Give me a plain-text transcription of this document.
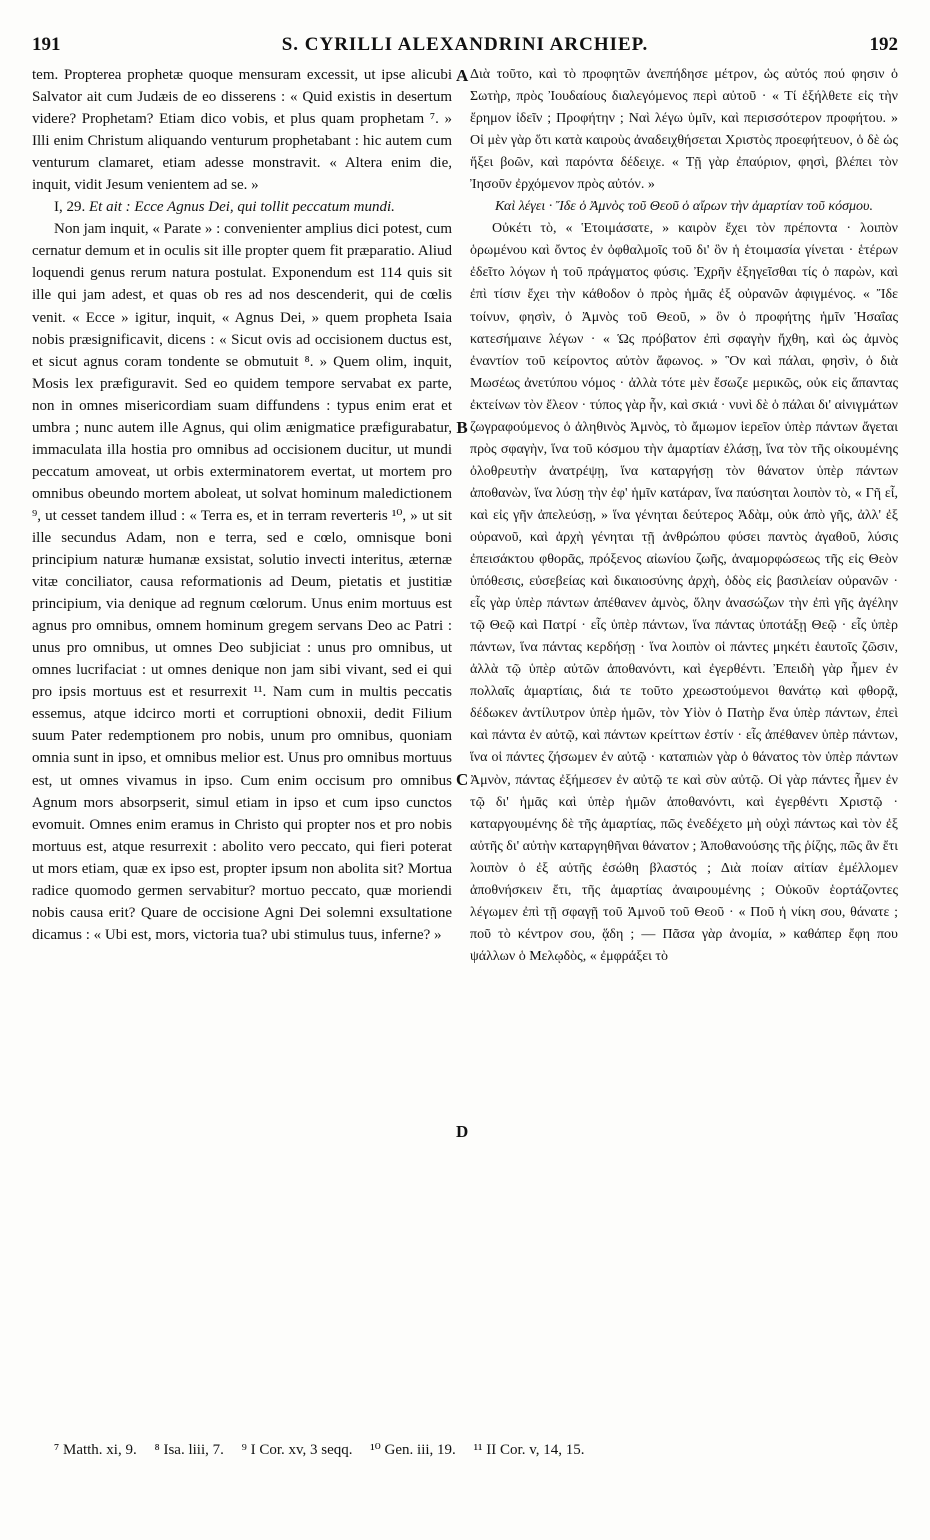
191	S. CYRILLI ALEXANDRINI ARCHIEP.	192

tem. Propterea prophetæ quoque mensuram excessit, ut ipse alicubi Salvator ait cum Judæis de eo disserens : « Quid existis in desertum videre? Prophetam? Etiam dico vobis, et plus quam prophetam ⁷. » Illi enim Christum aliquando venturum prophetabant : hic autem cum venturum clamaret, etiam adesse monstravit. « Altera enim die, inquit, vidit Jesum venientem ad se. »

I, 29. Et ait : Ecce Agnus Dei, qui tollit peccatum mundi.

Non jam inquit, « Parate » : convenienter amplius dici potest, cum cernatur demum et in oculis sit ille propter quem fit præparatio. Aliud loquendi genus rerum natura postulat. Exponendum est 114 quis sit ille qui jam adest, et quas ob res ad nos descenderit, qui de cœlis venit. « Ecce » igitur, inquit, « Agnus Dei, » quem propheta Isaia nobis præsignificavit, dicens : « Sicut ovis ad occisionem ductus est, et sicut agnus coram tondente se obmutuit ⁸. » Quem olim, inquit, Mosis lex præfiguravit. Sed eo quidem tempore servabat ex parte, non in omnes misericordiam suam diffundens : typus enim erat et umbra ; nunc autem ille Agnus, qui olim ænigmatice præfigurabatur, immaculata illa hostia pro omnibus ad occisionem ducitur, ut mundi peccatum amoveat, ut orbis exterminatorem evertat, ut mortem pro omnibus obeundo mortem aboleat, ut solvat hominum maledictionem ⁹, ut cesset tandem illud : « Terra es, et in terram reverteris ¹⁰, » ut sit ille secundus Adam, non e terra, sed e cœlo, omnisque boni principium naturæ humanæ exsistat, solutio invecti interitus, æternæ vitæ conciliator, causa reformationis ad Deum, pietatis et justitiæ principium, via denique ad regnum cœlorum. Unus enim mortuus est agnus pro omnibus, omnem hominum gregem servans Deo ac Patri : unus pro omnibus, ut omnes Deo subjiciat : unus pro omnibus, ut omnes lucrifaciat : ut omnes denique non jam sibi vivant, sed ei qui pro ipsis mortuus est et resurrexit ¹¹. Nam cum in multis peccatis essemus, atque idcirco morti et corruptioni obnoxii, dedit Filium suum Pater redemptionem pro nobis, unum pro omnibus, quoniam omnia sunt in ipso, et omnibus melior est. Unus pro omnibus mortuus est, ut omnes vivamus in ipso. Cum enim occisum pro omnibus Agnum mors absorpserit, simul etiam in ipso et cum ipso cunctos evomuit. Omnes enim eramus in Christo qui propter nos et pro nobis mortuus est, atque resurrexit : abolito vero peccato, qui fieri poterat ut mors etiam, quæ ex ipso est, propter ipsum non abolita sit? Mortua radice quomodo germen servabitur? mortuo peccato, quæ moriendi nobis causa erit? Quare de occisione Agni Dei solemni exsultatione dicamus : « Ubi est, mors, victoria tua? ubi stimulus tuus, inferne? »

A
B
C
D

Διὰ τοῦτο, καὶ τὸ προφητῶν ἀνεπήδησε μέτρον, ὡς αὐτός πού φησιν ὁ Σωτὴρ, πρὸς Ἰουδαίους διαλεγόμενος περὶ αὐτοῦ · « Τί ἐξήλθετε εἰς τὴν ἔρημον ἰδεῖν ; Προφήτην ; Ναὶ λέγω ὑμῖν, καὶ περισσότερον προφήτου. » Οἱ μὲν γὰρ ὅτι κατὰ καιροὺς ἀναδειχθήσεται Χριστὸς προεφήτευον, ὁ δὲ ὡς ἥξει βοῶν, καὶ παρόντα δέδειχε. « Τῇ γὰρ ἐπαύριον, φησὶ, βλέπει τὸν Ἰησοῦν ἐρχόμενον πρὸς αὐτόν. »

Καὶ λέγει · Ἴδε ὁ Ἀμνὸς τοῦ Θεοῦ ὁ αἴρων τὴν ἁμαρτίαν τοῦ κόσμου.

Οὐκέτι τὸ, « Ἑτοιμάσατε, » καιρὸν ἔχει τὸν πρέποντα · λοιπὸν ὁρωμένου καὶ ὄντος ἐν ὀφθαλμοῖς τοῦ δι' ὃν ἡ ἑτοιμασία γίνεται · ἑτέρων ἐδεῖτο λόγων ἡ τοῦ πράγματος φύσις. Ἐχρῆν ἐξηγεῖσθαι τίς ὁ παρὼν, καὶ ἐπὶ τίσιν ἔχει τὴν κάθοδον ὁ πρὸς ἡμᾶς ἐξ οὐρανῶν ἀφιγμένος. « Ἴδε τοίνυν, φησὶν, ὁ Ἀμνὸς τοῦ Θεοῦ, » ὃν ὁ προφήτης ἡμῖν Ἡσαΐας κατεσήμαινε λέγων · « Ὡς πρόβατον ἐπὶ σφαγὴν ἤχθη, καὶ ὡς ἀμνὸς ἐναντίον τοῦ κείροντος αὐτὸν ἄφωνος. » Ὃν καὶ πάλαι, φησὶν, ὁ διὰ Μωσέως ἀνετύπου νόμος · ἀλλὰ τότε μὲν ἔσωζε μερικῶς, οὐκ εἰς ἅπαντας ἐκτείνων τὸν ἔλεον · τύπος γὰρ ἦν, καὶ σκιά · νυνὶ δὲ ὁ πάλαι δι' αἰνιγμάτων ζωγραφούμενος ὁ ἀληθινὸς Ἀμνὸς, τὸ ἄμωμον ἱερεῖον ὑπὲρ πάντων ἄγεται πρὸς σφαγὴν, ἵνα τοῦ κόσμου τὴν ἁμαρτίαν ἐλάσῃ, ἵνα τὸν τῆς οἰκουμένης ὀλοθρευτὴν ἀνατρέψῃ, ἵνα καταργήσῃ τὸν θάνατον ὑπὲρ πάντων ἀποθανὼν, ἵνα λύσῃ τὴν ἐφ' ἡμῖν κατάραν, ἵνα παύσηται λοιπὸν τὸ, « Γῆ εἶ, καὶ εἰς γῆν ἀπελεύσῃ, » ἵνα γένηται δεύτερος Ἀδὰμ, οὐκ ἀπὸ γῆς, ἀλλ' ἐξ οὐρανοῦ, καὶ ἀρχὴ γένηται τῇ ἀνθρώπου φύσει παντὸς ἀγαθοῦ, λύσις ἐπεισάκτου φθορᾶς, πρόξενος αἰωνίου ζωῆς, ἀναμορφώσεως τῆς εἰς Θεὸν ὑπόθεσις, εὐσεβείας καὶ δικαιοσύνης ἀρχὴ, ὁδὸς εἰς βασιλείαν οὐρανῶν · εἷς γὰρ ὑπὲρ πάντων ἀπέθανεν ἀμνὸς, ὅλην ἀνασώζων τὴν ἐπὶ γῆς ἀγέλην τῷ Θεῷ καὶ Πατρί · εἷς ὑπὲρ πάντων, ἵνα πάντας ὑποτάξῃ Θεῷ · εἷς ὑπὲρ πάντων, ἵνα πάντας κερδήσῃ · ἵνα λοιπὸν οἱ πάντες μηκέτι ἑαυτοῖς ζῶσιν, ἀλλὰ τῷ ὑπὲρ αὐτῶν ἀποθανόντι, καὶ ἐγερθέντι. Ἐπειδὴ γὰρ ἦμεν ἐν πολλαῖς ἁμαρτίαις, διά τε τοῦτο χρεωστούμενοι θανάτῳ καὶ φθορᾷ, δέδωκεν ἀντίλυτρον ὑπὲρ ἡμῶν, τὸν Υἱὸν ὁ Πατὴρ ἕνα ὑπὲρ πάντων, ἐπεὶ καὶ πάντα ἐν αὐτῷ, καὶ πάντων κρείττων ἐστίν · εἷς ἀπέθανεν ὑπὲρ πάντων, ἵνα οἱ πάντες ζήσωμεν ἐν αὐτῷ · καταπιὼν γὰρ ὁ θάνατος τὸν ὑπὲρ πάντων Ἀμνὸν, πάντας ἐξήμεσεν ἐν αὐτῷ τε καὶ σὺν αὐτῷ. Οἱ γὰρ πάντες ἦμεν ἐν τῷ δι' ἡμᾶς καὶ ὑπὲρ ἡμῶν ἀποθανόντι, καὶ ἐγερθέντι Χριστῷ · καταργουμένης δὲ τῆς ἁμαρτίας, πῶς ἐνεδέχετο μὴ οὐχὶ πάντως καὶ τὸν ἐξ αὐτῆς δι' αὐτὴν καταργηθῆναι θάνατον ; Ἀποθανούσης τῆς ῥίζης, πῶς ἂν ἔτι λοιπὸν ὁ ἐξ αὐτῆς ἐσώθη βλαστός ; Διὰ ποίαν αἰτίαν ἐμέλλομεν ἀποθνήσκειν ἔτι, τῆς ἁμαρτίας ἀναιρουμένης ; Οὐκοῦν ἑορτάζοντες λέγωμεν ἐπὶ τῇ σφαγῇ τοῦ Ἀμνοῦ τοῦ Θεοῦ · « Ποῦ ἡ νίκη σου, θάνατε ; ποῦ τὸ κέντρον σου, ᾅδη ; — Πᾶσα γὰρ ἀνομία, » καθάπερ ἔφη που ψάλλων ὁ Μελῳδὸς, « ἐμφράξει τὸ

⁷ Matth. xi, 9. ⁸ Isa. liii, 7. ⁹ I Cor. xv, 3 seqq. ¹⁰ Gen. iii, 19. ¹¹ II Cor. v, 14, 15.
